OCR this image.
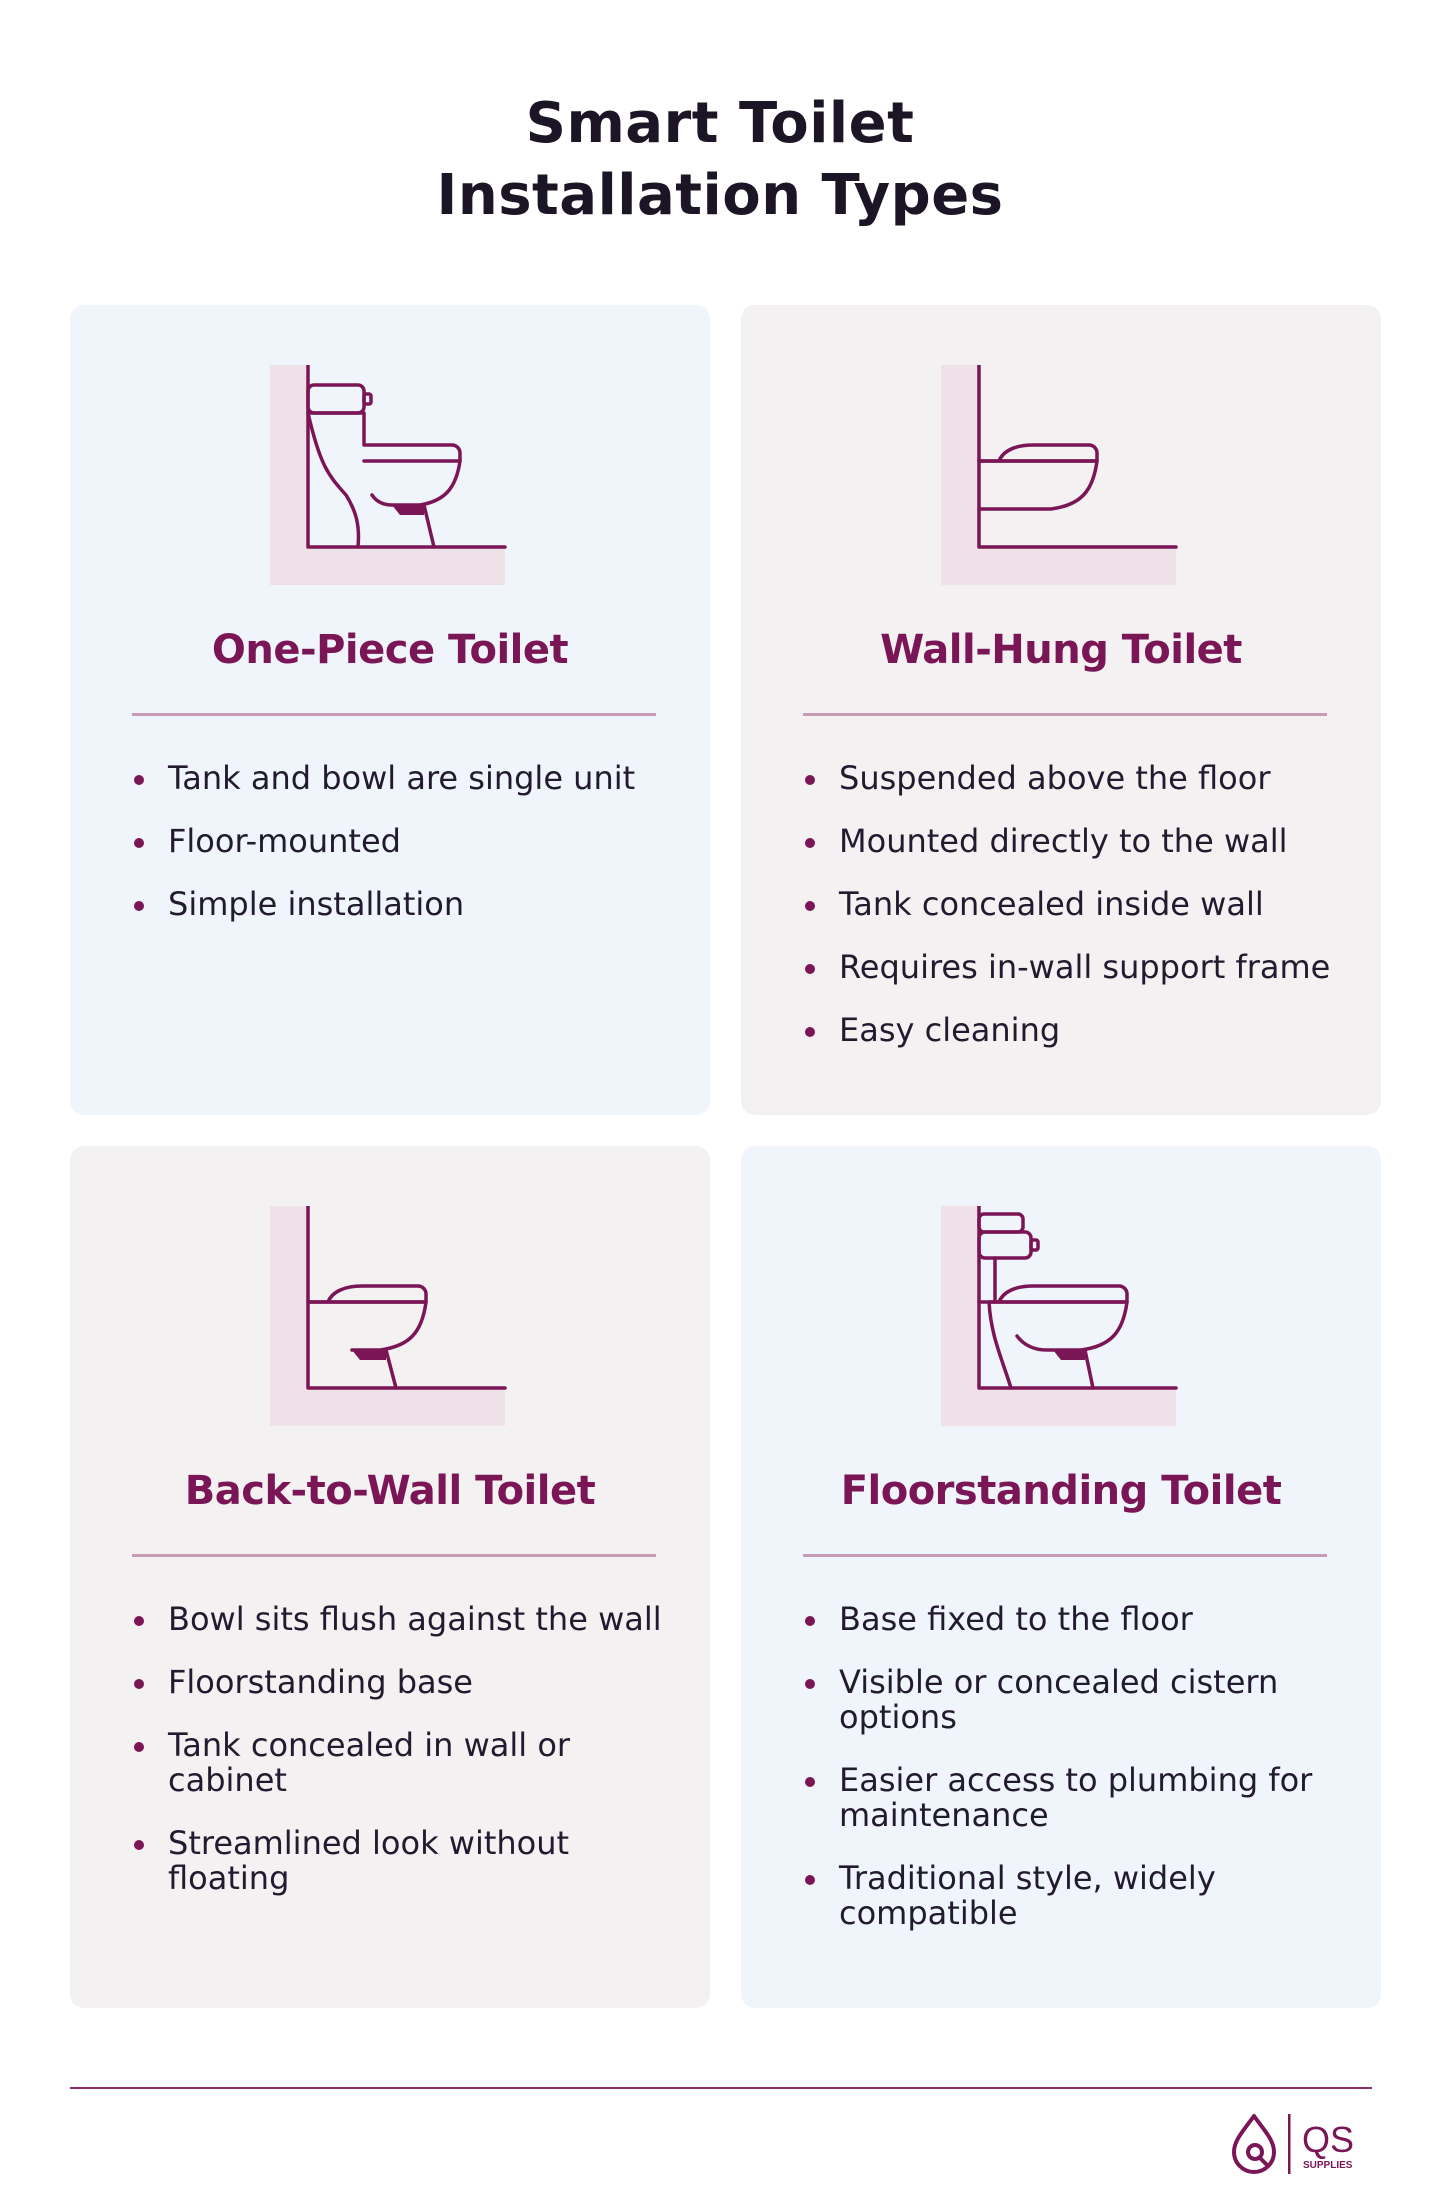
Smart Toilet
Installation Types
One-Piece Toilet
Tank and bowl are single unit
Floor-mounted
Simple installation
Wall-Hung Toilet
Suspended above the floor
Mounted directly to the wall
Tank concealed inside wall
Requires in-wall support frame
Easy cleaning
Back-to-Wall Toilet
Bowl sits flush against the wall
Floorstanding base
Tank concealed in wall or cabinet
Streamlined look without floating
Floorstanding Toilet
Base fixed to the floor
Visible or concealed cistern options
Easier access to plumbing for maintenance
Traditional style, widely compatible
QS
SUPPLIES
